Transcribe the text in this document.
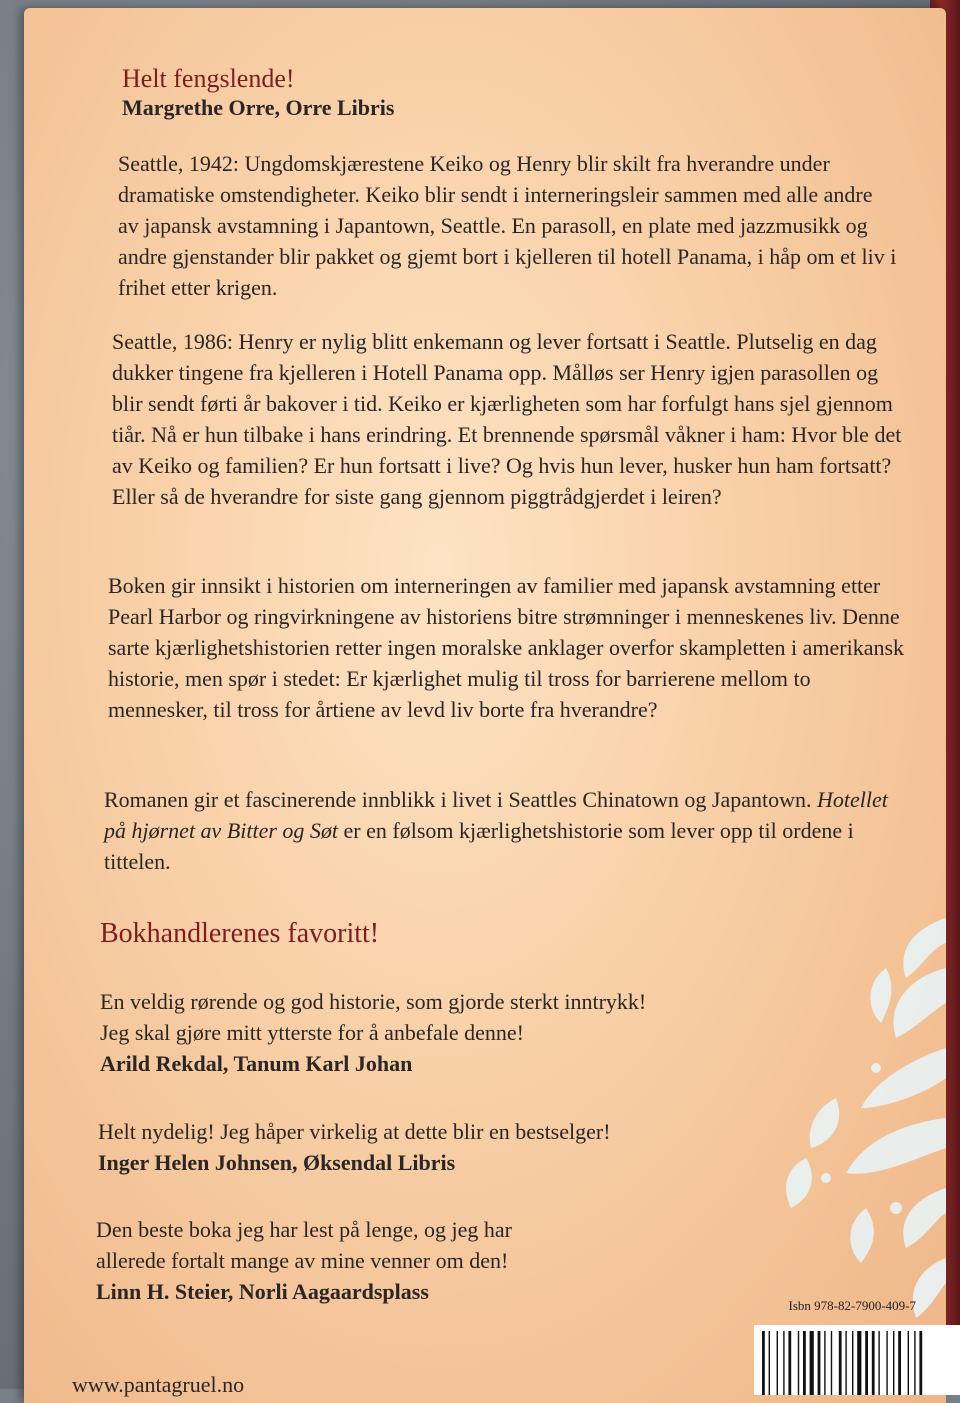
Helt fengslende!

Margrethe Orre, Orre Libris

Seattle, 1942: Ungdomskjærestene Keiko og Henry blir skilt fra hverandre under dramatiske omstendigheter. Keiko blir sendt i interneringsleir sammen med alle andre av japansk avstamning i Japantown, Seattle. En parasoll, en plate med jazzmusikk og andre gjenstander blir pakket og gjemt bort i kjelleren til hotell Panama, i håp om et liv i frihet etter krigen.
Seattle, 1986: Henry er nylig blitt enkemann og lever fortsatt i Seattle. Plutselig en dag dukker tingene fra kjelleren i Hotell Panama opp. Målløs ser Henry igjen parasollen og blir sendt førti år bakover i tid. Keiko er kjærligheten som har forfulgt hans sjel gjennom tiår. Nå er hun tilbake i hans erindring. Et brennende spørsmål våkner i ham: Hvor ble det av Keiko og familien? Er hun fortsatt i live? Og hvis hun lever, husker hun ham fortsatt? Eller så de hverandre for siste gang gjennom piggtrådgjerdet i leiren?
Boken gir innsikt i historien om interneringen av familier med japansk avstamning etter Pearl Harbor og ringvirkningene av historiens bitre strømninger i menneskenes liv. Denne sarte kjærlighetshistorien retter ingen moralske anklager overfor skampletten i amerikansk historie, men spør i stedet: Er kjærlighet mulig til tross for barrierene mellom to mennesker, til tross for årtiene av levd liv borte fra hverandre?
Romanen gir et fascinerende innblikk i livet i Seattles Chinatown og Japantown. Hotellet på hjørnet av Bitter og Søt er en følsom kjærlighetshistorie som lever opp til ordene i tittelen.
Bokhandlerenes favoritt!

En veldig rørende og god historie, som gjorde sterkt inntrykk!

Jeg skal gjøre mitt ytterste for å anbefale denne!

Arild Rekdal, Tanum Karl Johan

Helt nydelig! Jeg håper virkelig at dette blir en bestselger!

Inger Helen Johnsen, Øksendal Libris

Den beste boka jeg har lest på lenge, og jeg har

allerede fortalt mange av mine venner om den!

Linn H. Steier, Norli Aagaardsplass

Isbn 978-82-7900-409-7
www.pantagruel.no
